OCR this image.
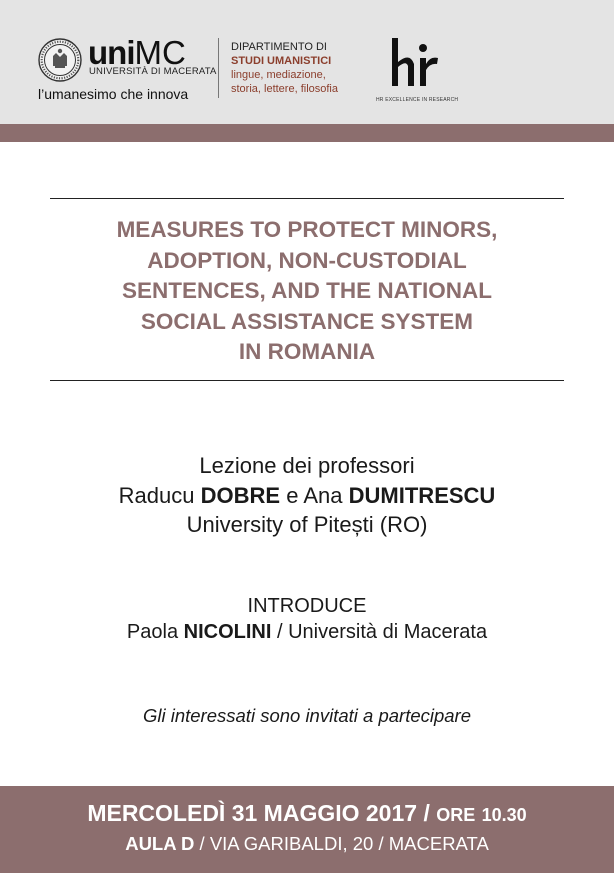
uniMC
UNIVERSITÀ DI MACERATA
l’umanesimo che innova
DIPARTIMENTO DI
STUDI UMANISTICI
lingue, mediazione,
storia, lettere, filosofia
HR EXCELLENCE IN RESEARCH
MEASURES TO PROTECT MINORS,
ADOPTION, NON-CUSTODIAL
SENTENCES, AND THE NATIONAL
SOCIAL ASSISTANCE SYSTEM
IN ROMANIA
Lezione dei professori
Raducu DOBRE e Ana DUMITRESCU
University of Pitești (RO)
INTRODUCE
Paola NICOLINI / Università di Macerata
Gli interessati sono invitati a partecipare
MERCOLEDÌ 31 MAGGIO 2017 / ORE 10.30
AULA D / VIA GARIBALDI, 20 / MACERATA
